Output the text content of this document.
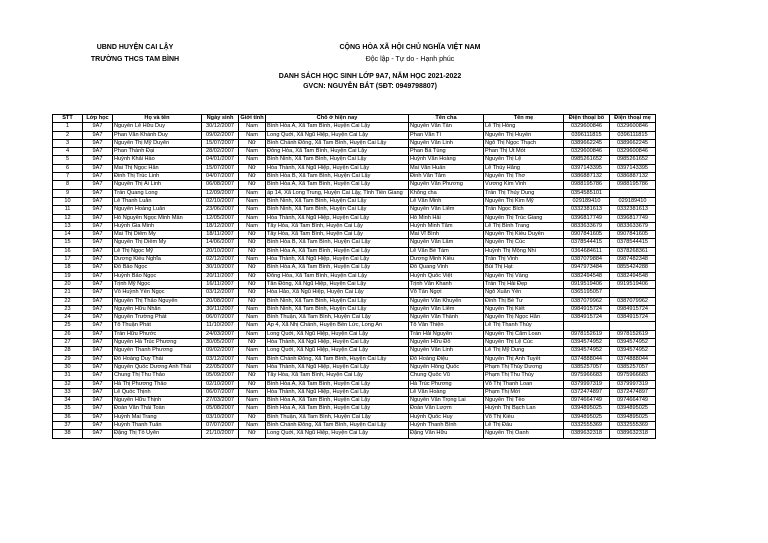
UBND HUYỆN CAI LẬY
TRƯỜNG THCS TAM BÌNH
CỘNG HÒA XÃ HỘI CHỦ NGHĨA VIỆT NAM
Độc lập - Tự do - Hạnh phúc
DANH SÁCH HỌC SINH LỚP 9A7, NĂM HỌC 2021-2022
GVCN: NGUYỄN BẮT (SĐT: 0949798807)
STT	Lớp học	Họ và tên	Ngày sinh	Giới tính	Chỗ ở hiện nay	Tên cha	Tên mẹ	Điện thoại bố	Điện thoại mẹ
1	9A7	Nguyễn Lê Hữu Duy	30/12/2007	Nam	Bình Hòa A, Xã Tam Bình, Huyện Cai Lậy	Nguyễn Văn Tấn	Lê Thị Hồng	0329600846	0329600846
2	9A7	Phan Văn Khánh Duy	09/02/2007	Nam	Long Quới, Xã Ngũ Hiệp, Huyện Cai Lậy	Phan Văn Tí	Nguyễn Thị Huyền	0396111815	0396111815
3	9A7	Nguyễn Thị Mỹ Duyên	15/07/2007	Nữ	Bình Chánh Đông, Xã Tam Bình, Huyện Cai Lậy	Nguyễn Văn Linh	Ngô Thị Ngọc Thạch	0389662245	0389662245
4	9A7	Phan Thành Đại	28/02/2007	Nam	Đông Hòa, Xã Tam Bình, Huyện Cai Lậy	Phan Bá Tùng	Phan Thị Út Mót	0329600846	0329600846
5	9A7	Huỳnh Khải Hào	04/01/2007	Nam	Bình Ninh, Xã Tam Bình, Huyện Cai Lậy	Huỳnh Văn Hoàng	Nguyễn Thị Lệ	0985261652	0985261652
6	9A7	Mai Thị Ngọc Hân	15/07/2007	Nữ	Hòa Thành, Xã Ngũ Hiệp, Huyện Cai Lậy	Mai Văn Huấn	Lê Thúy Hằng	0397143395	0397143395
7	9A7	Đinh Thị Trúc Linh	04/07/2007	Nữ	Bình Hòa B, Xã Tam Bình, Huyện Cai Lậy	Đinh Văn Tâm	Nguyễn Thị Thơ	0386887132	0386887132
8	9A7	Nguyễn Thị Ái Linh	06/08/2007	Nữ	Bình Hòa A, Xã Tam Bình, Huyện Cai Lậy	Nguyễn Văn Phương	Vương Kim Vinh	0988195786	0988195786
9	9A7	Trần Quang Long	12/09/2007	Nam	ấp 14, Xã Long Trung, Huyện Cai Lậy, Tỉnh Tiền Giang	Không cha	Trần Thị Thủy Dung	0354585101	
10	9A7	Lê Thanh Luân	02/10/2007	Nam	Bình Ninh, Xã Tam Bình, Huyện Cai Lậy	Lê Văn Minh	Nguyễn Thị Kim Mỹ	029189410	029189410
11	9A7	Nguyễn Hoàng Luân	23/06/2007	Nam	Bình Ninh, Xã Tam Bình, Huyện Cai Lậy	Nguyễn Văn Liêm	Trần Ngọc Bích	0332381613	0332381613
12	9A7	Hồ Nguyễn Ngọc Minh Mẫn	12/05/2007	Nam	Hòa Thành, Xã Ngũ Hiệp, Huyện Cai Lậy	Hồ Minh Hải	Nguyễn Thị Trúc Giang	0396817749	0396817749
13	9A7	Huỳnh Gia Minh	18/12/2007	Nam	Tây Hòa, Xã Tam Bình, Huyện Cai Lậy	Huỳnh Minh Tâm	Lê Thị Bình Trang	0833633679	0833633679
14	9A7	Mai Thị Diễm My	18/11/2007	Nữ	Tây Hòa, Xã Tam Bình, Huyện Cai Lậy	Mai Vĩ Bình	Nguyễn Thị Kiều Duyên	0907841605	0907841605
15	9A7	Nguyễn Thị Diễm My	14/06/2007	Nữ	Bình Hòa B, Xã Tam Bình, Huyện Cai Lậy	Nguyễn Văn Lâm	Nguyễn Thị Cúc	0378544415	0378544415
16	9A7	Lê Thị Ngọc Mỹ	20/10/2007	Nữ	Bình Hòa A, Xã Tam Bình, Huyện Cai Lậy	Lê Văn Bé Tám	Huỳnh Thị Mộng Nhi	0364684611	0378268361
17	9A7	Dương Kiều Nghĩa	02/12/2007	Nam	Hòa Thành, Xã Ngũ Hiệp, Huyện Cai Lậy	Dương Minh Kiều	Trần Thị Vinh	0387079884	0987482348
18	9A7	Đỗ Bảo Ngọc	30/10/2007	Nữ	Bình Hòa A, Xã Tam Bình, Huyện Cai Lậy	Đỗ Quang Vinh	Bùi Thị Hạt	0947973484	0855424288
19	9A7	Huỳnh Bảo Ngọc	20/11/2007	Nữ	Đông Hòa, Xã Tam Bình, Huyện Cai Lậy	Huỳnh Quốc Việt	Nguyễn Thị Vàng	0382494548	0382494548
20	9A7	Trịnh Mỹ Ngọc	16/11/2007	Nữ	Tân Đồng, Xã Ngũ Hiệp, Huyện Cai Lậy	Trịnh Văn Khanh	Trần Thị Hải Đẹp	0919519406	0919519406
21	9A7	Võ Huỳnh Yến Ngọc	03/12/2007	Nữ	Hòa Hảo, Xã Ngũ Hiệp, Huyện Cai Lậy	Võ Tấn Ngợi	Ngô Xuân Yến	0365195057	
22	9A7	Nguyễn Thị Thảo Nguyên	20/08/2007	Nữ	Bình Ninh, Xã Tam Bình, Huyện Cai Lậy	Nguyễn Văn Khuyến	Đinh Thị Bé Tư	0387079962	0387079962
23	9A7	Nguyễn Hữu Nhân	30/11/2007	Nam	Bình Ninh, Xã Tam Bình, Huyện Cai Lậy	Nguyễn Văn Liêm	Nguyễn Thị Kiết	0984915724	0984915724
24	9A7	Nguyễn Trường Phát	06/07/2007	Nam	Bình Thuận, Xã Tam Bình, Huyện Cai Lậy	Nguyễn Văn Thành	Nguyễn Thị Ngọc Hân	0384915724	0384915724
25	9A7	Tô Thuận Phát	11/10/2007	Nam	Ấp 4, Xã Nhị Chánh, Huyện Bến Lức, Long An	Tô Văn Thiện	Lê Thị Thanh Thúy		
26	9A7	Trần Hữu Phước	24/03/2007	Nam	Long Quới, Xã Ngũ Hiệp, Huyện Cai Lậy	Trần Hải Nguyên	Nguyễn Thị Cẩm Loan	0978152619	0978152619
27	9A7	Nguyễn Hà Trúc Phương	30/05/2007	Nữ	Hòa Thành, Xã Ngũ Hiệp, Huyện Cai Lậy	Nguyễn Hữu Đô	Nguyễn Thị Lệ Cúc	0394574952	0394574952
28	9A7	Nguyễn Thanh Phương	09/02/2007	Nam	Long Quới, Xã Ngũ Hiệp, Huyện Cai Lậy	Nguyễn Văn Linh	Lê Thị Mỹ Dung	0394574952	0394574952
29	9A7	Đỗ Hoàng Duy Thái	03/12/2007	Nam	Bình Chánh Đông, Xã Tam Bình, Huyện Cai Lậy	Đỗ Hoàng Điệu	Nguyễn Thị Ánh Tuyết	0374888044	0374888044
30	9A7	Nguyễn Quốc Dương Anh Thái	22/05/2007	Nam	Hòa Thành, Xã Ngũ Hiệp, Huyện Cai Lậy	Nguyễn Hồng Quốc	Phạm Thị Thùy Dương	0385257057	0385257057
31	9A7	Chung Thị Thu Thảo	05/09/2007	Nữ	Tây Hòa, Xã Tam Bình, Huyện Cai Lậy	Chung Quốc Vũ	Phạm Thị Thu Thủy	0975966683	0975966683
32	9A7	Hà Thị Phương Thảo	02/10/2007	Nữ	Bình Hòa A, Xã Tam Bình, Huyện Cai Lậy	Hà Trúc Phương	Võ Thị Thanh Loan	0379997319	0379997319
33	9A7	Lê Quốc Thịnh	06/07/2007	Nam	Hòa Thành, Xã Ngũ Hiệp, Huyện Cai Lậy	Lê Văn Hoàng	Phạm Thị Mới	0372474897	0372474897
34	9A7	Nguyễn Hữu Thịnh	27/03/2007	Nam	Bình Hòa A, Xã Tam Bình, Huyện Cai Lậy	Nguyễn Văn Trọng Lai	Nguyễn Thị Tèo	0974664749	0974664749
35	9A7	Đoàn Văn Thái Toàn	05/08/2007	Nam	Bình Hòa A, Xã Tam Bình, Huyện Cai Lậy	Đoàn Văn Lượm	Huỳnh Thị Bạch Lan	0394895025	0394895025
36	9A7	Huỳnh Mai Trang	03/10/2007	Nữ	Bình Thuận, Xã Tam Bình, Huyện Cai Lậy	Huỳnh Quốc Huy	Võ Thị Kiều	0394895025	0394895025
37	9A7	Huỳnh Thanh Tuấn	07/07/2007	Nam	Bình Chánh Đông, Xã Tam Bình, Huyện Cai Lậy	Huỳnh Thanh Bình	Lê Thị Đấu	0332555369	0332555369
38	9A7	Đặng Thị Tố Uyên	21/10/2007	Nữ	Long Quới, Xã Ngũ Hiệp, Huyện Cai Lậy	Đặng Văn Hữu	Nguyễn Thị Oanh	0389632318	0389632318
